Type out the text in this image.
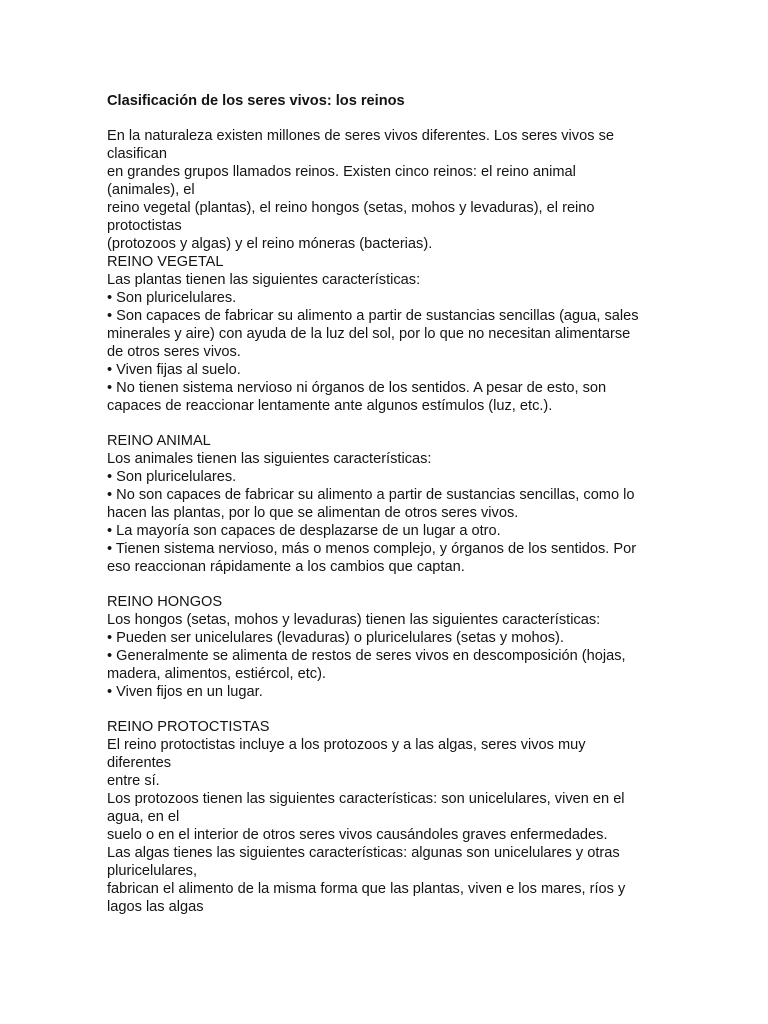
Clasificación de los seres vivos: los reinos
En la naturaleza existen millones de seres vivos diferentes. Los seres vivos se
clasifican
en grandes grupos llamados reinos. Existen cinco reinos: el reino animal
(animales), el
reino vegetal (plantas), el reino hongos (setas, mohos y levaduras), el reino
protoctistas
(protozoos y algas) y el reino móneras (bacterias).
REINO VEGETAL
Las plantas tienen las siguientes características:
• Son pluricelulares.
• Son capaces de fabricar su alimento a partir de sustancias sencillas (agua, sales
minerales y aire) con ayuda de la luz del sol, por lo que no necesitan alimentarse
de otros seres vivos.
• Viven fijas al suelo.
• No tienen sistema nervioso ni órganos de los sentidos. A pesar de esto, son
capaces de reaccionar lentamente ante algunos estímulos (luz, etc.).
REINO ANIMAL
Los animales tienen las siguientes características:
• Son pluricelulares.
• No son capaces de fabricar su alimento a partir de sustancias sencillas, como lo
hacen las plantas, por lo que se alimentan de otros seres vivos.
• La mayoría son capaces de desplazarse de un lugar a otro.
• Tienen sistema nervioso, más o menos complejo, y órganos de los sentidos. Por
eso reaccionan rápidamente a los cambios que captan.
REINO HONGOS
Los hongos (setas, mohos y levaduras) tienen las siguientes características:
• Pueden ser unicelulares (levaduras) o pluricelulares (setas y mohos).
• Generalmente se alimenta de restos de seres vivos en descomposición (hojas,
madera, alimentos, estiércol, etc).
• Viven fijos en un lugar.
REINO PROTOCTISTAS
El reino protoctistas incluye a los protozoos y a las algas, seres vivos muy
diferentes
entre sí.
Los protozoos tienen las siguientes características: son unicelulares, viven en el
agua, en el
suelo o en el interior de otros seres vivos causándoles graves enfermedades.
Las algas tienes las siguientes características: algunas son unicelulares y otras
pluricelulares,
fabrican el alimento de la misma forma que las plantas, viven e los mares, ríos y
lagos las algas
